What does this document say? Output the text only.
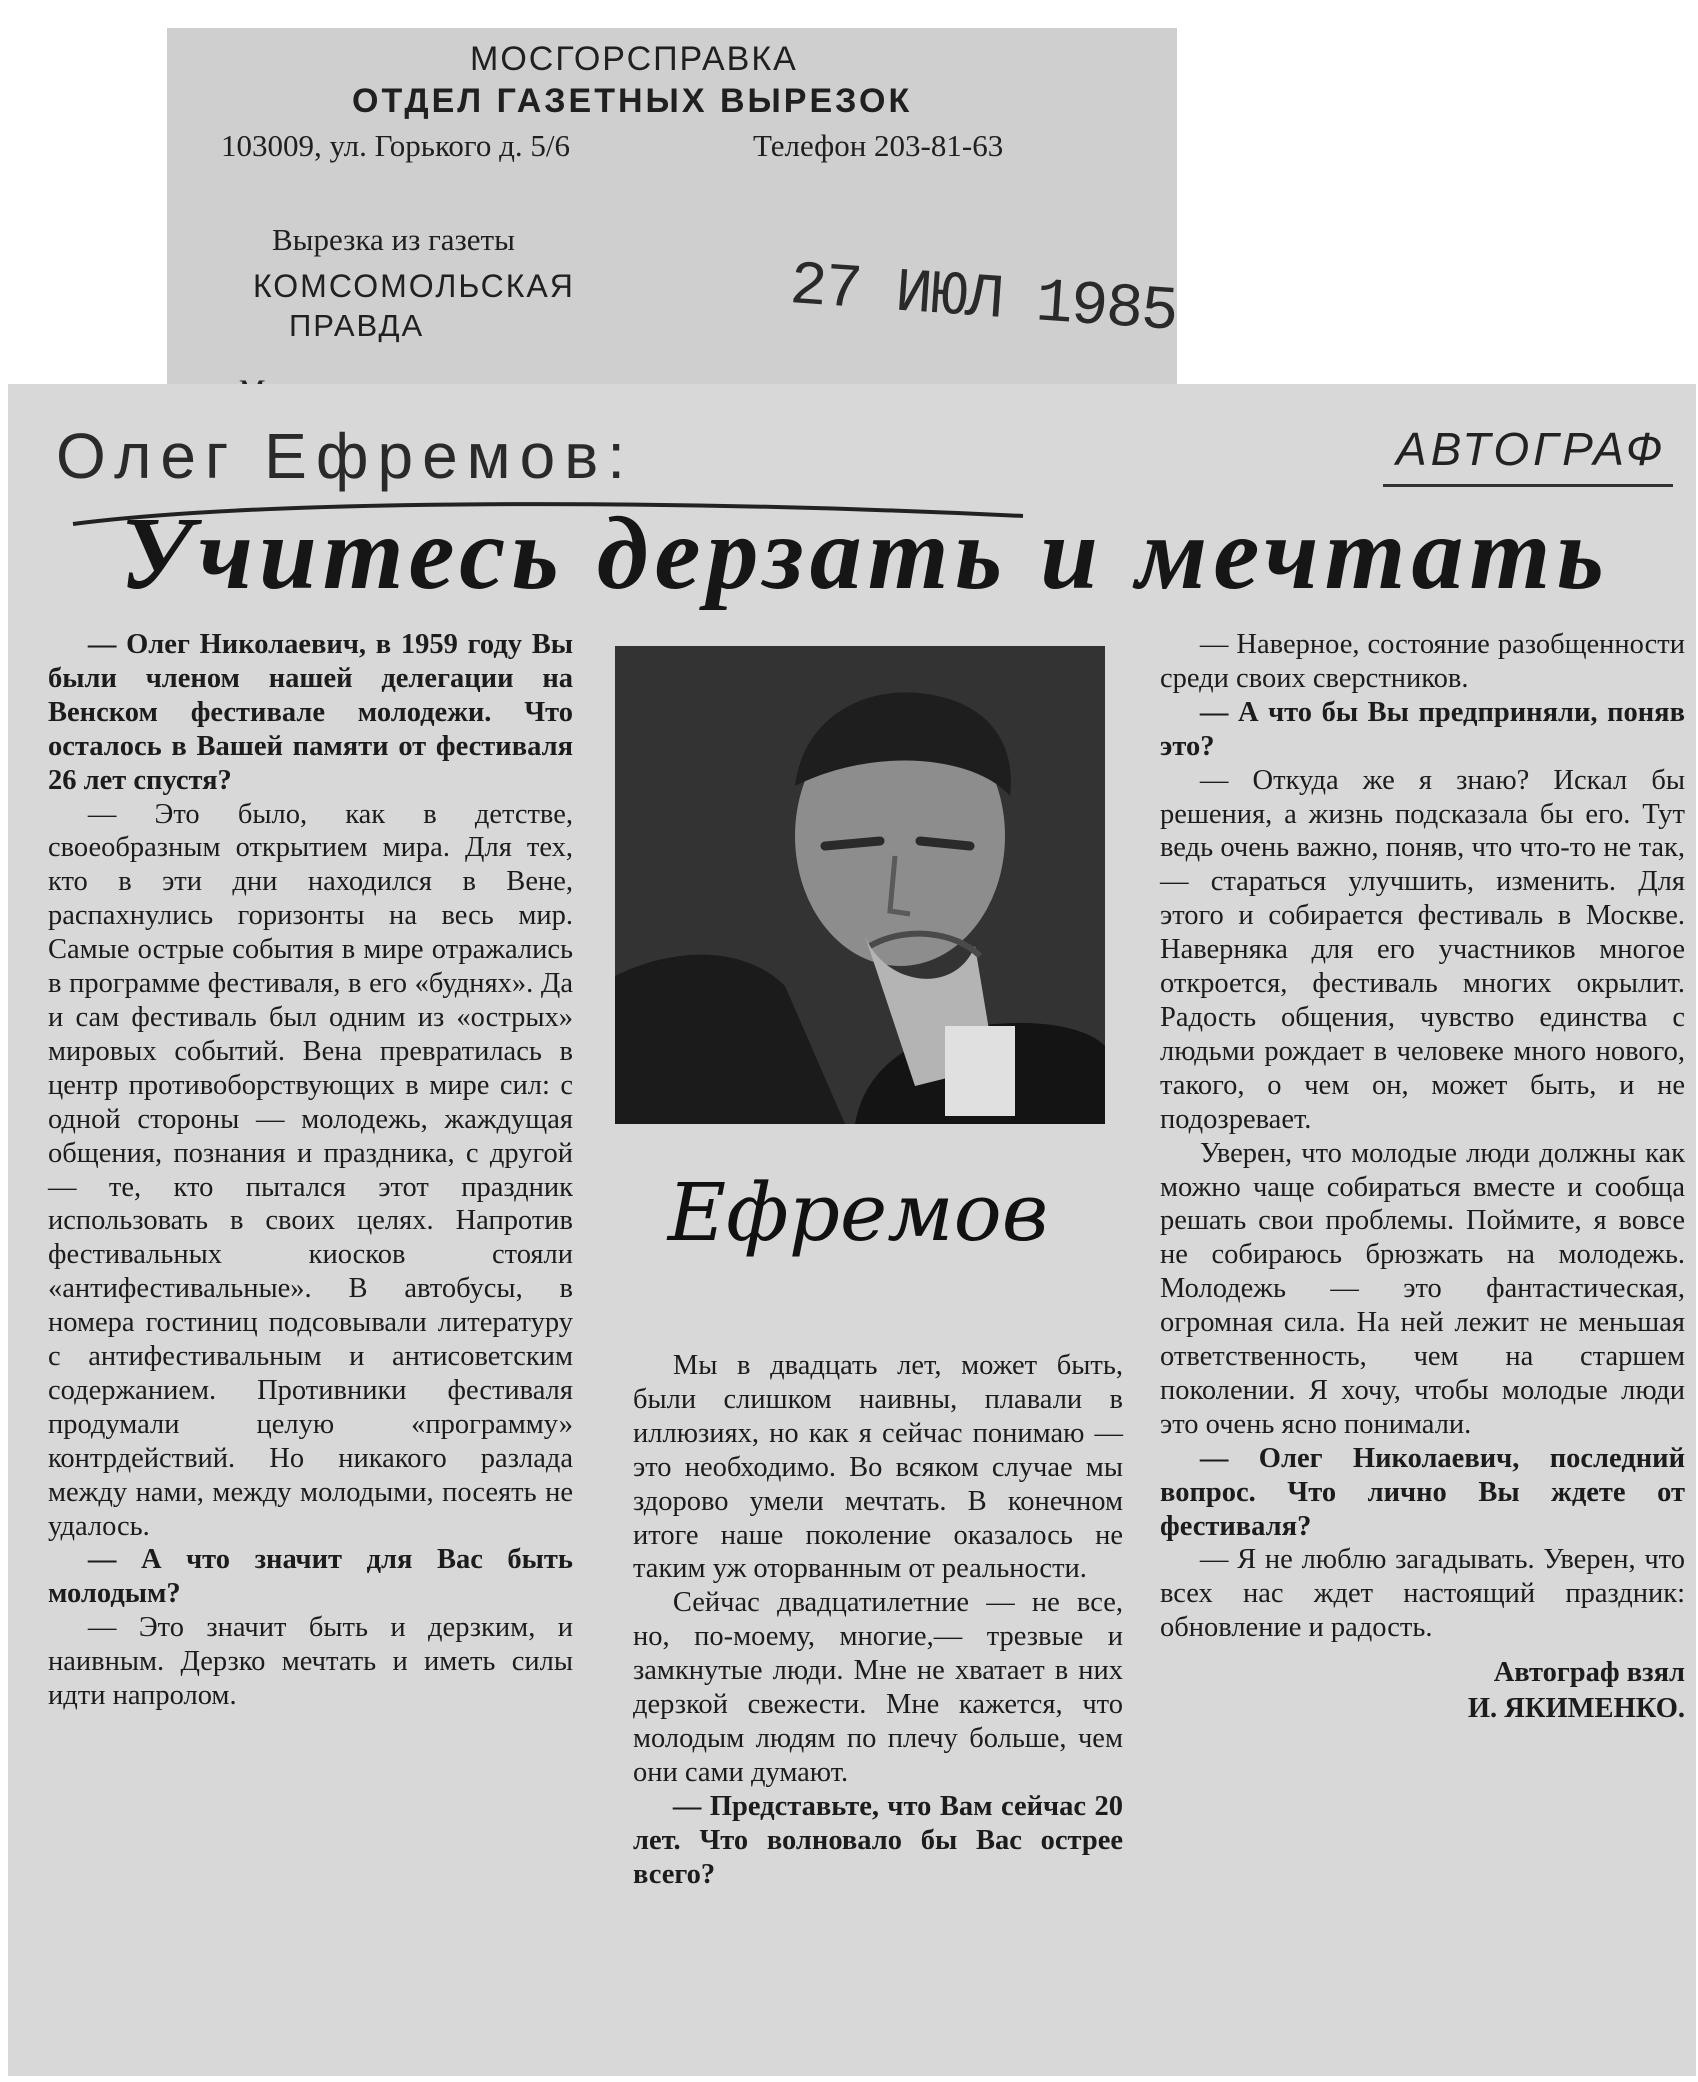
МОСГОРСПРАВКА
ОТДЕЛ ГАЗЕТНЫХ ВЫРЕЗОК
103009, ул. Горького д. 5/6	Телефон 203-81-63
Вырезка из газеты
КОМСОМОЛЬСКАЯ
ПРАВДА	27 ИЮЛ 1985
Олег Ефремов:	АВТОГРАФ
Учитесь дерзать и мечтать

— Олег Николаевич, в 1959 году Вы были членом нашей делегации на Венском фестивале молодежи. Что осталось в Вашей памяти от фестиваля 26 лет спустя?

— Это было, как в детстве, своеобразным открытием мира. Для тех, кто в эти дни находился в Вене, распахнулись горизонты на весь мир. Самые острые события в мире отражались в программе фестиваля, в его «буднях». Да и сам фестиваль был одним из «острых» мировых событий. Вена превратилась в центр противоборствующих в мире сил: с одной стороны — молодежь, жаждущая общения, познания и праздника, с другой — те, кто пытался этот праздник использовать в своих целях. Напротив фестивальных киосков стояли «антифестивальные». В автобусы, в номера гостиниц подсовывали литературу с антифестивальным и антисоветским содержанием. Противники фестиваля продумали целую «программу» контрдействий. Но никакого разлада между нами, между молодыми, посеять не удалось.

— А что значит для Вас быть молодым?

— Это значит быть и дерзким, и наивным. Дерзко мечтать и иметь силы идти напролом.

Ефремов

Мы в двадцать лет, может быть, были слишком наивны, плавали в иллюзиях, но как я сейчас понимаю — это необходимо. Во всяком случае мы здорово умели мечтать. В конечном итоге наше поколение оказалось не таким уж оторванным от реальности.

Сейчас двадцатилетние — не все, но, по-моему, многие,— трезвые и замкнутые люди. Мне не хватает в них дерзкой свежести. Мне кажется, что молодым людям по плечу больше, чем они сами думают.

— Представьте, что Вам сейчас 20 лет. Что волновало бы Вас острее всего?

— Наверное, состояние разобщенности среди своих сверстников.

— А что бы Вы предприняли, поняв это?

— Откуда же я знаю? Искал бы решения, а жизнь подсказала бы его. Тут ведь очень важно, поняв, что что-то не так,— стараться улучшить, изменить. Для этого и собирается фестиваль в Москве. Наверняка для его участников многое откроется, фестиваль многих окрылит. Радость общения, чувство единства с людьми рождает в человеке много нового, такого, о чем он, может быть, и не подозревает.

Уверен, что молодые люди должны как можно чаще собираться вместе и сообща решать свои проблемы. Поймите, я вовсе не собираюсь брюзжать на молодежь. Молодежь — это фантастическая, огромная сила. На ней лежит не меньшая ответственность, чем на старшем поколении. Я хочу, чтобы молодые люди это очень ясно понимали.

— Олег Николаевич, последний вопрос. Что лично Вы ждете от фестиваля?

— Я не люблю загадывать. Уверен, что всех нас ждет настоящий праздник: обновление и радость.

Автограф взял
И. ЯКИМЕНКО.
